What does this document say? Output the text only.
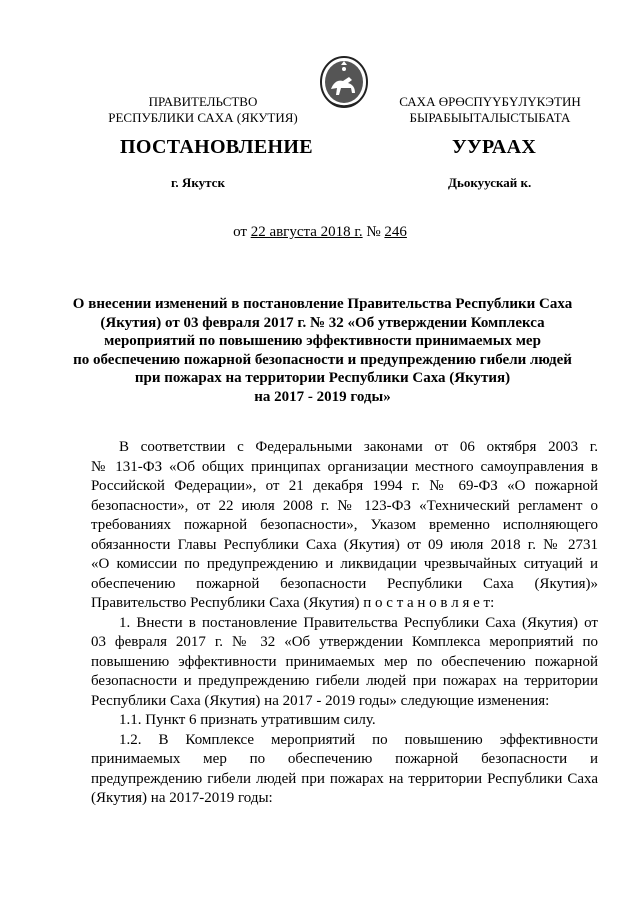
ПРАВИТЕЛЬСТВО
РЕСПУБЛИКИ САХА (ЯКУТИЯ)
САХА ӨРӨСПҮҮБҮЛҮКЭТИН
БЫРАБЫЫТАЛЫСТЫБАТА
ПОСТАНОВЛЕНИЕ	УУРААХ
г. Якутск	Дьокуускай к.
от 22 августа 2018 г. № 246
О внесении изменений в постановление Правительства Республики Саха
(Якутия) от 03 февраля 2017 г. № 32 «Об утверждении Комплекса
мероприятий по повышению эффективности принимаемых мер
по обеспечению пожарной безопасности и предупреждению гибели людей
при пожарах на территории Республики Саха (Якутия)
на 2017 - 2019 годы»
В соответствии с Федеральными законами от 06 октября 2003 г.
№ 131-ФЗ «Об общих принципах организации местного самоуправления в
Российской Федерации», от 21 декабря 1994 г. № 69-ФЗ «О пожарной
безопасности», от 22 июля 2008 г. № 123-ФЗ «Технический регламент о
требованиях пожарной безопасности», Указом временно исполняющего
обязанности Главы Республики Саха (Якутия) от 09 июля 2018 г. № 2731
«О комиссии по предупреждению и ликвидации чрезвычайных ситуаций и
обеспечению пожарной безопасности Республики Саха (Якутия)»
Правительство Республики Саха (Якутия) п о с т а н о в л я е т:
1. Внести в постановление Правительства Республики Саха (Якутия) от
03 февраля 2017 г. № 32 «Об утверждении Комплекса мероприятий по
повышению эффективности принимаемых мер по обеспечению пожарной
безопасности и предупреждению гибели людей при пожарах на территории
Республики Саха (Якутия) на 2017 - 2019 годы» следующие изменения:
1.1. Пункт 6 признать утратившим силу.
1.2. В Комплексе мероприятий по повышению эффективности
принимаемых мер по обеспечению пожарной безопасности и
предупреждению гибели людей при пожарах на территории Республики Саха
(Якутия) на 2017-2019 годы:
